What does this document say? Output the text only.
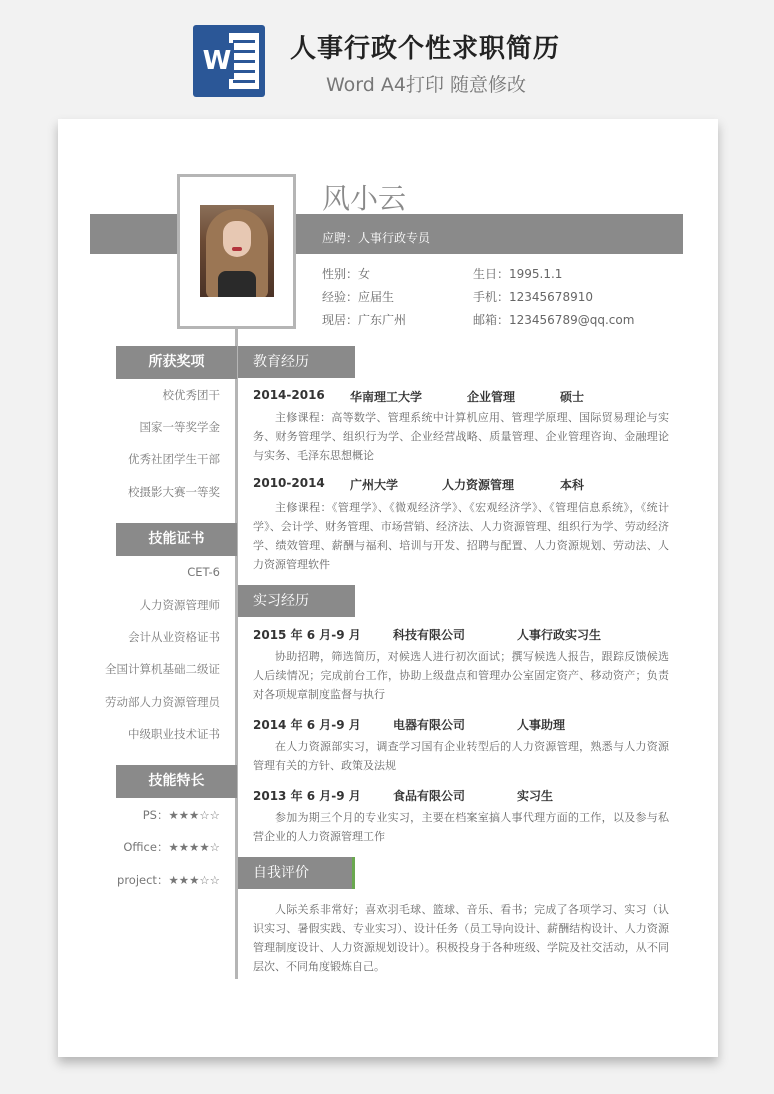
W 人事行政个性求职简历
Word A4打印 随意修改
应聘：人事行政专员
风小云
性别：女
经验：应届生
现居：广东广州
生日：1995.1.1
手机：12345678910
邮箱：123456789@qq.com
所获奖项
校优秀团干
国家一等奖学金
优秀社团学生干部
校摄影大赛一等奖
技能证书
CET-6
人力资源管理师
会计从业资格证书
全国计算机基础二级证
劳动部人力资源管理员
中级职业技术证书
技能特长
PS：★★★☆☆
Office：★★★★☆
project：★★★☆☆
教育经历
2014-2016 华南理工大学	企业管理	硕士
主修课程：高等数学、管理系统中计算机应用、管理学原理、国际贸易理论与实务、财务管理学、组织行为学、企业经营战略、质量管理、企业管理咨询、金融理论与实务、毛泽东思想概论
2010-2014 广州大学	人力资源管理	本科
主修课程：《管理学》、《微观经济学》、《宏观经济学》、《管理信息系统》，《统计学》、会计学、财务管理、市场营销、经济法、人力资源管理、组织行为学、劳动经济学、绩效管理、薪酬与福利、培训与开发、招聘与配置、人力资源规划、劳动法、人力资源管理软件
实习经历
2015 年 6 月-9 月	科技有限公司	人事行政实习生
协助招聘，筛选简历，对候选人进行初次面试；撰写候选人报告，跟踪反馈候选人后续情况；完成前台工作，协助上级盘点和管理办公室固定资产、移动资产；负责对各项规章制度监督与执行
2014 年 6 月-9 月	电器有限公司	人事助理
在人力资源部实习，调查学习国有企业转型后的人力资源管理，熟悉与人力资源管理有关的方针、政策及法规
2013 年 6 月-9 月	食品有限公司	实习生
参加为期三个月的专业实习，主要在档案室搞人事代理方面的工作，以及参与私营企业的人力资源管理工作
自我评价
人际关系非常好；喜欢羽毛球、篮球、音乐、看书；完成了各项学习、实习（认识实习、暑假实践、专业实习）、设计任务（员工导向设计、薪酬结构设计、人力资源管理制度设计、人力资源规划设计）。积极投身于各种班级、学院及社交活动，从不同层次、不同角度锻炼自己。
